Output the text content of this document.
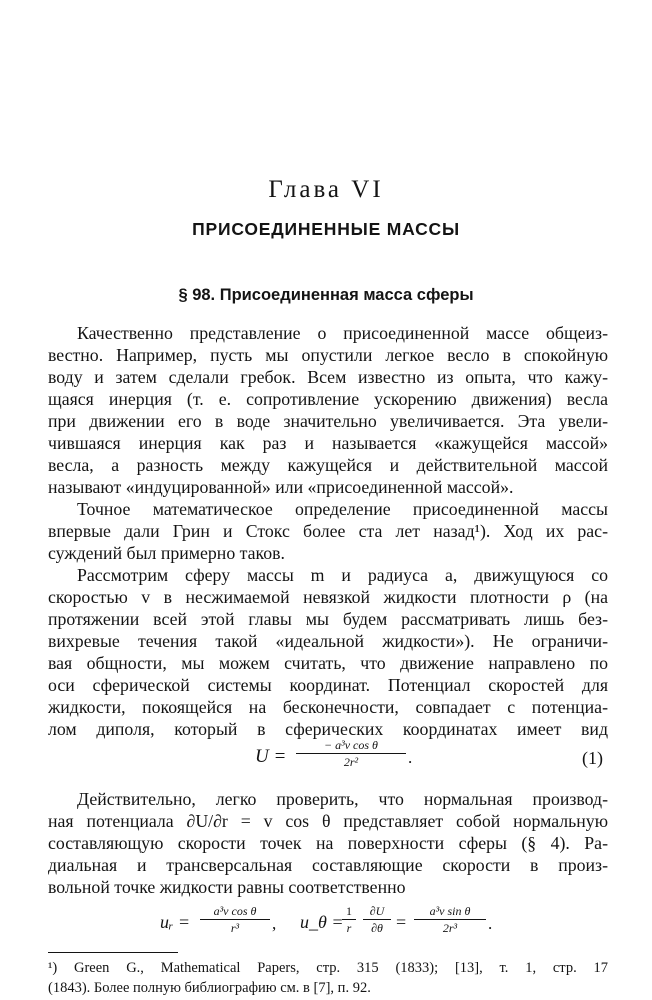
Глава VI
ПРИСОЕДИНЕННЫЕ МАССЫ
§ 98. Присоединенная масса сферы
Качественно представление о присоединенной массе общеиз-
вестно. Например, пусть мы опустили легкое весло в спокойную
воду и затем сделали гребок. Всем известно из опыта, что кажу-
щаяся инерция (т. е. сопротивление ускорению движения) весла
при движении его в воде значительно увеличивается. Эта увели-
чившаяся инерция как раз и называется «кажущейся массой»
весла, а разность между кажущейся и действительной массой
называют «индуцированной» или «присоединенной массой».
Точное математическое определение присоединенной массы
впервые дали Грин и Стокс более ста лет назад¹). Ход их рас-
суждений был примерно таков.
Рассмотрим сферу массы m и радиуса a, движущуюся со
скоростью v в несжимаемой невязкой жидкости плотности ρ (на
протяжении всей этой главы мы будем рассматривать лишь без-
вихревые течения такой «идеальной жидкости»). Не ограничи-
вая общности, мы можем считать, что движение направлено по
оси сферической системы координат. Потенциал скоростей для
жидкости, покоящейся на бесконечности, совпадает с потенциа-
лом диполя, который в сферических координатах имеет вид
U =
− a³v cos θ
2r²	.	(1)
Действительно, легко проверить, что нормальная производ-
ная потенциала ∂U/∂r = v cos θ представляет собой нормальную
составляющую скорости точек на поверхности сферы (§ 4). Ра-
диальная и трансверсальная составляющие скорости в произ-
вольной точке жидкости равны соответственно
uᵣ =
a³v cos θ
r³	, u_θ =
1
r
∂U
∂θ =
a³v sin θ
2r³	.
¹) Green G., Mathematical Papers, стр. 315 (1833); [13], т. 1, стр. 17
(1843). Более полную библиографию см. в [7], п. 92.
